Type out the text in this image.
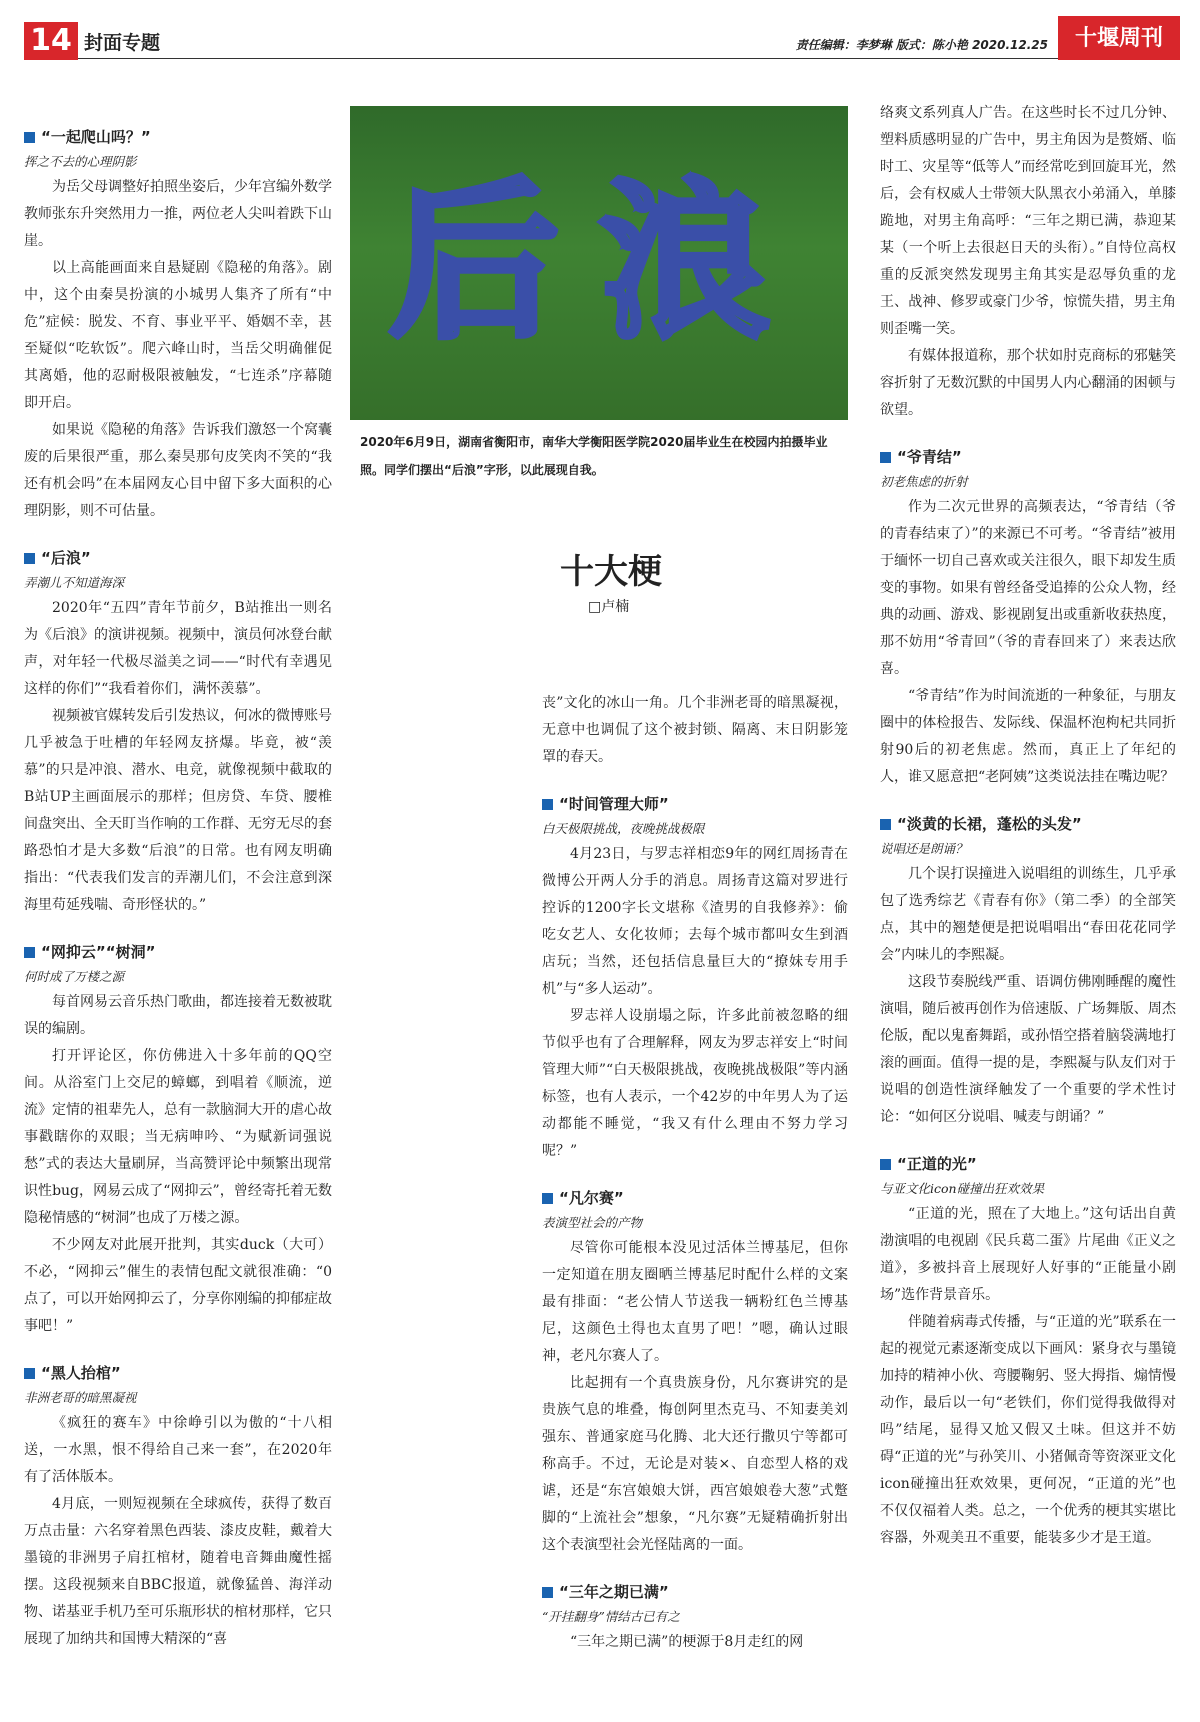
14 封面专题	责任编辑：李梦琳 版式：陈小艳 2020.12.25	十堰周刊
后浪
2020年6月9日，湖南省衡阳市，南华大学衡阳医学院2020届毕业生在校园内拍摄毕业照。同学们摆出“后浪”字形，以此展现自我。
十大梗
□卢楠
“一起爬山吗？”
挥之不去的心理阴影

为岳父母调整好拍照坐姿后，少年宫编外数学教师张东升突然用力一推，两位老人尖叫着跌下山崖。

以上高能画面来自悬疑剧《隐秘的角落》。剧中，这个由秦昊扮演的小城男人集齐了所有“中危”症候：脱发、不育、事业平平、婚姻不幸，甚至疑似“吃软饭”。爬六峰山时，当岳父明确催促其离婚，他的忍耐极限被触发，“七连杀”序幕随即开启。

如果说《隐秘的角落》告诉我们激怒一个窝囊废的后果很严重，那么秦昊那句皮笑肉不笑的“我还有机会吗”在本届网友心目中留下多大面积的心理阴影，则不可估量。

“后浪”
弄潮儿不知道海深

2020年“五四”青年节前夕，B站推出一则名为《后浪》的演讲视频。视频中，演员何冰登台献声，对年轻一代极尽溢美之词——“时代有幸遇见这样的你们”“我看着你们，满怀羡慕”。

视频被官媒转发后引发热议，何冰的微博账号几乎被急于吐槽的年轻网友挤爆。毕竟，被“羡慕”的只是冲浪、潜水、电竞，就像视频中截取的B站UP主画面展示的那样；但房贷、车贷、腰椎间盘突出、全天盯当作响的工作群、无穷无尽的套路恐怕才是大多数“后浪”的日常。也有网友明确指出：“代表我们发言的弄潮儿们，不会注意到深海里苟延残喘、奇形怪状的。”

“网抑云”“树洞”
何时成了万楼之源

每首网易云音乐热门歌曲，都连接着无数被耽误的编剧。

打开评论区，你仿佛进入十多年前的QQ空间。从浴室门上交尼的蟑螂，到唱着《顺流，逆流》定情的祖辈先人，总有一款脑洞大开的虐心故事戳瞎你的双眼；当无病呻吟、“为赋新词强说愁”式的表达大量刷屏，当高赞评论中频繁出现常识性bug，网易云成了“网抑云”，曾经寄托着无数隐秘情感的“树洞”也成了万楼之源。

不少网友对此展开批判，其实duck（大可）不必，“网抑云”催生的表情包配文就很准确：“0点了，可以开始网抑云了，分享你刚编的抑郁症故事吧！”

“黑人抬棺”
非洲老哥的暗黑凝视

《疯狂的赛车》中徐峥引以为傲的“十八相送，一水黑，恨不得给自己来一套”，在2020年有了活体版本。

4月底，一则短视频在全球疯传，获得了数百万点击量：六名穿着黑色西装、漆皮皮鞋，戴着大墨镜的非洲男子肩扛棺材，随着电音舞曲魔性摇摆。这段视频来自BBC报道，就像猛兽、海洋动物、诺基亚手机乃至可乐瓶形状的棺材那样，它只展现了加纳共和国博大精深的“喜

丧”文化的冰山一角。几个非洲老哥的暗黑凝视，无意中也调侃了这个被封锁、隔离、末日阴影笼罩的春天。

“时间管理大师”
白天极限挑战，夜晚挑战极限

4月23日，与罗志祥相恋9年的网红周扬青在微博公开两人分手的消息。周扬青这篇对罗进行控诉的1200字长文堪称《渣男的自我修养》：偷吃女艺人、女化妆师；去每个城市都叫女生到酒店玩；当然，还包括信息量巨大的“撩妹专用手机”与“多人运动”。

罗志祥人设崩塌之际，许多此前被忽略的细节似乎也有了合理解释，网友为罗志祥安上“时间管理大师”“白天极限挑战，夜晚挑战极限”等内涵标签，也有人表示，一个42岁的中年男人为了运动都能不睡觉，“我又有什么理由不努力学习呢？”

“凡尔赛”
表演型社会的产物

尽管你可能根本没见过活体兰博基尼，但你一定知道在朋友圈晒兰博基尼时配什么样的文案最有排面：“老公情人节送我一辆粉红色兰博基尼，这颜色土得也太直男了吧！”嗯，确认过眼神，老凡尔赛人了。

比起拥有一个真贵族身份，凡尔赛讲究的是贵族气息的堆叠，悔创阿里杰克马、不知妻美刘强东、普通家庭马化腾、北大还行撒贝宁等都可称高手。不过，无论是对装×、自恋型人格的戏谑，还是“东宫娘娘大饼，西宫娘娘卷大葱”式蹩脚的“上流社会”想象，“凡尔赛”无疑精确折射出这个表演型社会光怪陆离的一面。

“三年之期已满”
“开挂翻身”情结古已有之

“三年之期已满”的梗源于8月走红的网

络爽文系列真人广告。在这些时长不过几分钟、塑料质感明显的广告中，男主角因为是赘婿、临时工、灾星等“低等人”而经常吃到回旋耳光，然后，会有权威人士带领大队黑衣小弟涌入，单膝跪地，对男主角高呼：“三年之期已满，恭迎某某（一个听上去很赵日天的头衔）。”自恃位高权重的反派突然发现男主角其实是忍辱负重的龙王、战神、修罗或豪门少爷，惊慌失措，男主角则歪嘴一笑。

有媒体报道称，那个状如肘克商标的邪魅笑容折射了无数沉默的中国男人内心翻涌的困顿与欲望。

“爷青结”
初老焦虑的折射

作为二次元世界的高频表达，“爷青结（爷的青春结束了）”的来源已不可考。“爷青结”被用于缅怀一切自己喜欢或关注很久，眼下却发生质变的事物。如果有曾经备受追捧的公众人物，经典的动画、游戏、影视剧复出或重新收获热度，那不妨用“爷青回”（爷的青春回来了）来表达欣喜。

“爷青结”作为时间流逝的一种象征，与朋友圈中的体检报告、发际线、保温杯泡枸杞共同折射90后的初老焦虑。然而，真正上了年纪的人，谁又愿意把“老阿姨”这类说法挂在嘴边呢？

“淡黄的长裙，蓬松的头发”
说唱还是朗诵？

几个误打误撞进入说唱组的训练生，几乎承包了选秀综艺《青春有你》（第二季）的全部笑点，其中的翘楚便是把说唱唱出“春田花花同学会”内味儿的李熙凝。

这段节奏脱线严重、语调仿佛刚睡醒的魔性演唱，随后被再创作为倍速版、广场舞版、周杰伦版，配以鬼畜舞蹈，或孙悟空搭着脑袋满地打滚的画面。值得一提的是，李熙凝与队友们对于说唱的创造性演绎触发了一个重要的学术性讨论：“如何区分说唱、喊麦与朗诵？”

“正道的光”
与亚文化icon碰撞出狂欢效果

“正道的光，照在了大地上。”这句话出自黄渤演唱的电视剧《民兵葛二蛋》片尾曲《正义之道》，多被抖音上展现好人好事的“正能量小剧场”选作背景音乐。

伴随着病毒式传播，与“正道的光”联系在一起的视觉元素逐渐变成以下画风：紧身衣与墨镜加持的精神小伙、弯腰鞠躬、竖大拇指、煽情慢动作，最后以一句“老铁们，你们觉得我做得对吗”结尾，显得又尬又假又土味。但这并不妨碍“正道的光”与孙笑川、小猪佩奇等资深亚文化icon碰撞出狂欢效果，更何况，“正道的光”也不仅仅福着人类。总之，一个优秀的梗其实堪比容器，外观美丑不重要，能装多少才是王道。
